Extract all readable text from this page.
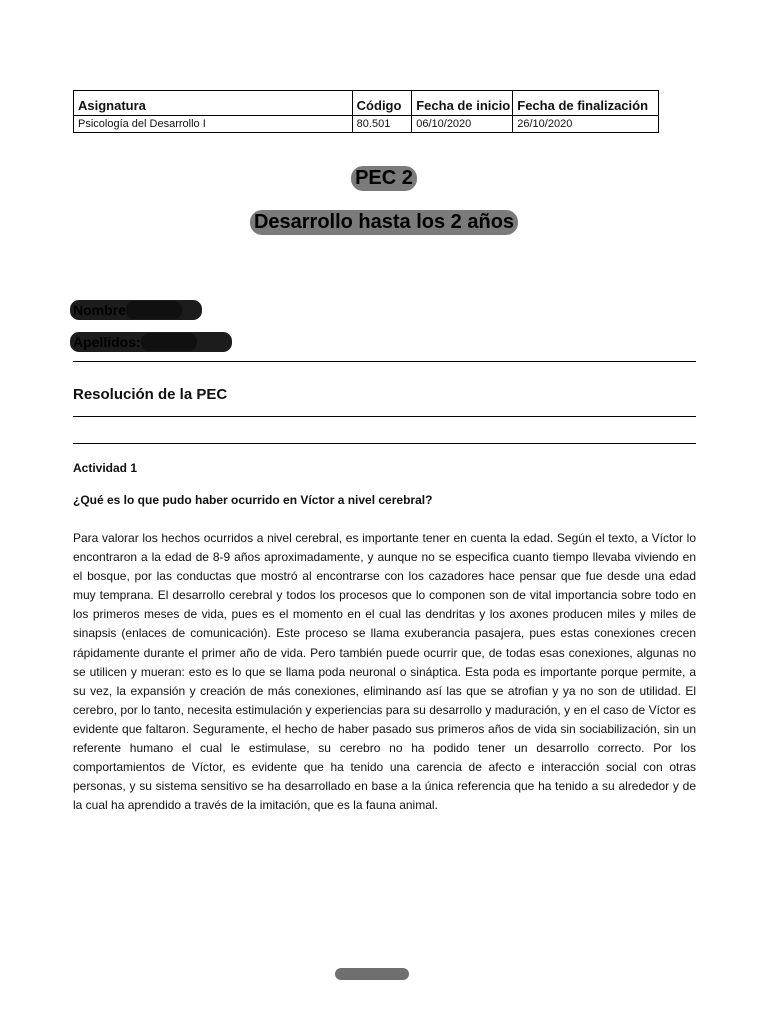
Asignatura	Código	Fecha de inicio	Fecha de finalización
Psicología del Desarrollo I	80.501	06/10/2020	26/10/2020
PEC 2
Desarrollo hasta los 2 años
Nombre
Apellidos:
Resolución de la PEC
Actividad 1
¿Qué es lo que pudo haber ocurrido en Víctor a nivel cerebral?

Para valorar los hechos ocurridos a nivel cerebral, es importante tener en cuenta la edad. Según el texto, a Víctor lo encontraron a la edad de 8-9 años aproximadamente, y aunque no se especifica cuanto tiempo llevaba viviendo en el bosque, por las conductas que mostró al encontrarse con los cazadores hace pensar que fue desde una edad muy temprana. El desarrollo cerebral y todos los procesos que lo componen son de vital importancia sobre todo en los primeros meses de vida, pues es el momento en el cual las dendritas y los axones producen miles y miles de sinapsis (enlaces de comunicación). Este proceso se llama exuberancia pasajera, pues estas conexiones crecen rápidamente durante el primer año de vida. Pero también puede ocurrir que, de todas esas conexiones, algunas no se utilicen y mueran: esto es lo que se llama poda neuronal o sináptica. Esta poda es importante porque permite, a su vez, la expansión y creación de más conexiones, eliminando así las que se atrofian y ya no son de utilidad. El cerebro, por lo tanto, necesita estimulación y experiencias para su desarrollo y maduración, y en el caso de Víctor es evidente que faltaron. Seguramente, el hecho de haber pasado sus primeros años de vida sin sociabilización, sin un referente humano el cual le estimulase, su cerebro no ha podido tener un desarrollo correcto. Por los comportamientos de Víctor, es evidente que ha tenido una carencia de afecto e interacción social con otras personas, y su sistema sensitivo se ha desarrollado en base a la única referencia que ha tenido a su alrededor y de la cual ha aprendido a través de la imitación, que es la fauna animal.
